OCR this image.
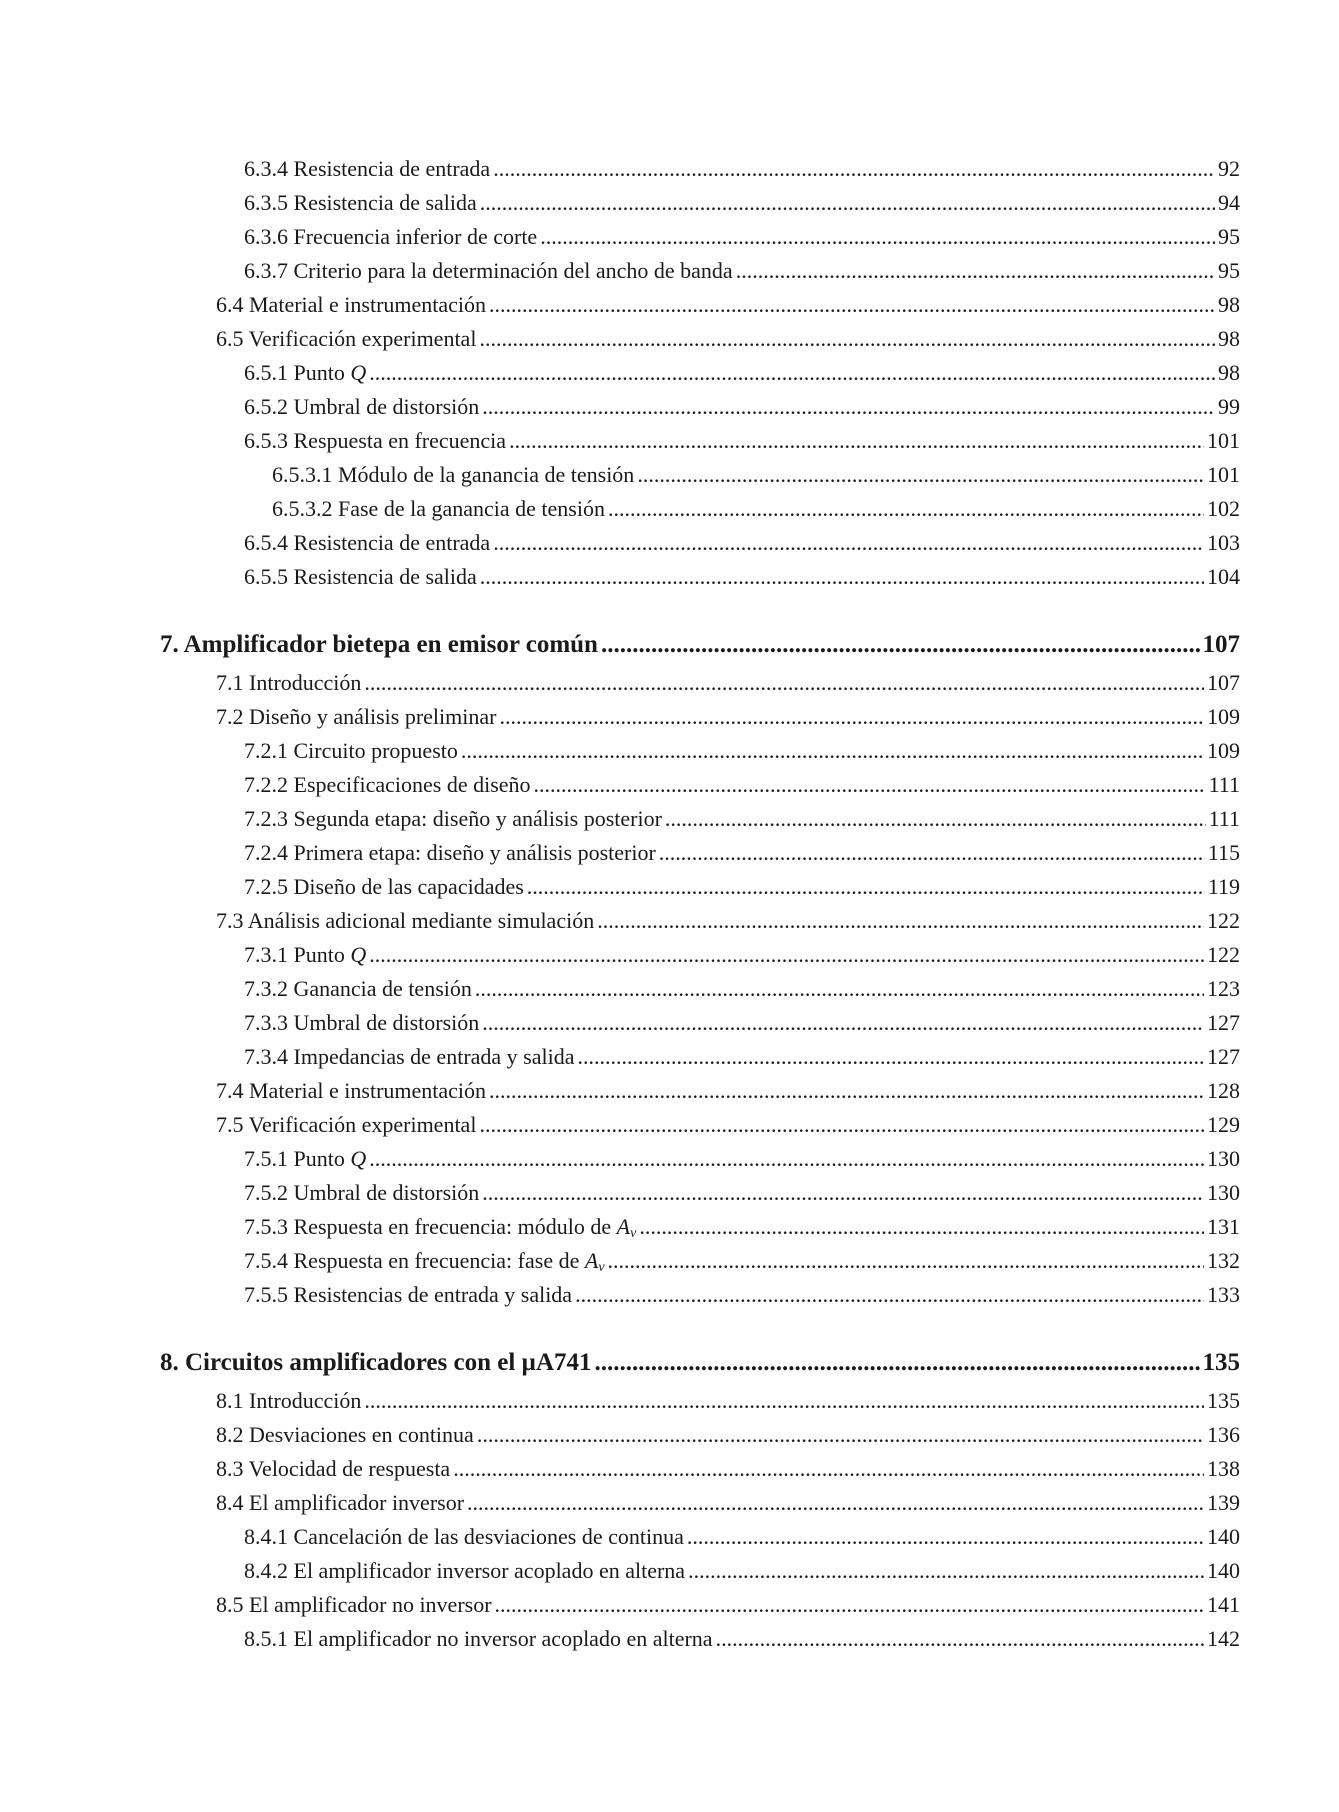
6.3.4 Resistencia de entrada .....	92
6.3.5 Resistencia de salida .....	94
6.3.6 Frecuencia inferior de corte .....	95
6.3.7 Criterio para la determinación del ancho de banda .....	95
6.4 Material e instrumentación .....	98
6.5 Verificación experimental .....	98
6.5.1 Punto Q .....	98
6.5.2 Umbral de distorsión .....	99
6.5.3 Respuesta en frecuencia .....	101
6.5.3.1 Módulo de la ganancia de tensión .....	101
6.5.3.2 Fase de la ganancia de tensión .....	102
6.5.4 Resistencia de entrada .....	103
6.5.5 Resistencia de salida .....	104
7. Amplificador bietepa en emisor común .....	107
7.1 Introducción .....	107
7.2 Diseño y análisis preliminar .....	109
7.2.1 Circuito propuesto .....	109
7.2.2 Especificaciones de diseño .....	111
7.2.3 Segunda etapa: diseño y análisis posterior .....	111
7.2.4 Primera etapa: diseño y análisis posterior .....	115
7.2.5 Diseño de las capacidades .....	119
7.3 Análisis adicional mediante simulación .....	122
7.3.1 Punto Q .....	122
7.3.2 Ganancia de tensión .....	123
7.3.3 Umbral de distorsión .....	127
7.3.4 Impedancias de entrada y salida .....	127
7.4 Material e instrumentación .....	128
7.5 Verificación experimental .....	129
7.5.1 Punto Q .....	130
7.5.2 Umbral de distorsión .....	130
7.5.3 Respuesta en frecuencia: módulo de $A_v$ .....	131
7.5.4 Respuesta en frecuencia: fase de $A_v$ .....	132
7.5.5 Resistencias de entrada y salida .....	133
8. Circuitos amplificadores con el µA741 .....	135
8.1 Introducción .....	135
8.2 Desviaciones en continua .....	136
8.3 Velocidad de respuesta .....	138
8.4 El amplificador inversor .....	139
8.4.1 Cancelación de las desviaciones de continua .....	140
8.4.2 El amplificador inversor acoplado en alterna .....	140
8.5 El amplificador no inversor .....	141
8.5.1 El amplificador no inversor acoplado en alterna .....	142
